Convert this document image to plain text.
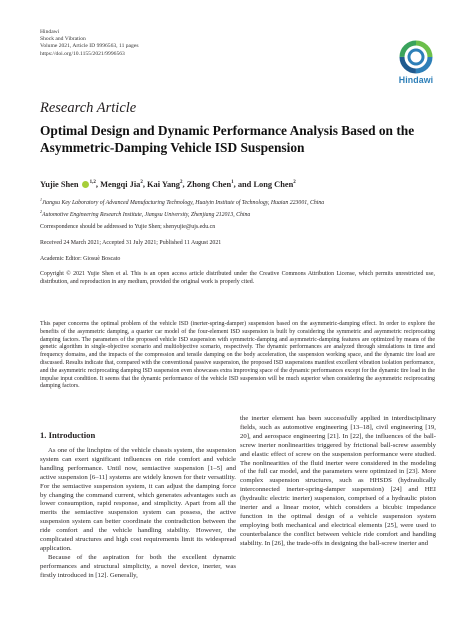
Hindawi
Shock and Vibration
Volume 2021, Article ID 9996563, 11 pages
https://doi.org/10.1155/2021/9996563
Hindawi
Research Article
Optimal Design and Dynamic Performance Analysis Based on the Asymmetric-Damping Vehicle ISD Suspension
Yujie Shen $^{1,2}$, Mengqi Jia$^2$, Kai Yang$^2$, Zhong Chen$^1$, and Long Chen$^2$
$^1$Jiangsu Key Laboratory of Advanced Manufacturing Technology, Huaiyin Institute of Technology, Huaian 223001, China
$^2$Automotive Engineering Research Institute, Jiangsu University, Zhenjiang 212013, China
Correspondence should be addressed to Yujie Shen; shenyujie@ujs.edu.cn
Received 24 March 2021; Accepted 31 July 2021; Published 11 August 2021
Academic Editor: Giosuè Boscato
Copyright © 2021 Yujie Shen et al. This is an open access article distributed under the Creative Commons Attribution License, which permits unrestricted use, distribution, and reproduction in any medium, provided the original work is properly cited.
This paper concerns the optimal problem of the vehicle ISD (inerter-spring-damper) suspension based on the asymmetric-damping effect. In order to explore the benefits of the asymmetric damping, a quarter car model of the four-element ISD suspension is built by considering the symmetric and asymmetric reciprocating damping factors. The parameters of the proposed vehicle ISD suspension with symmetric-damping and asymmetric-damping features are optimized by means of the genetic algorithm in single-objective scenario and multiobjective scenario, respectively. The dynamic performances are analyzed through simulations in time and frequency domains, and the impacts of the compression and tensile damping on the body acceleration, the suspension working space, and the dynamic tire load are discussed. Results indicate that, compared with the conventional passive suspension, the proposed ISD suspensions manifest excellent vibration isolation performance, and the asymmetric reciprocating damping ISD suspension even showcases extra improving space of the dynamic performances except for the dynamic tire load in the impulse input condition. It seems that the dynamic performance of the vehicle ISD suspension will be much superior when considering the asymmetric reciprocating damping factors.
1. Introduction

As one of the linchpins of the vehicle chassis system, the suspension system can exert significant influences on ride comfort and vehicle handling performance. Until now, semiactive suspension [1–5] and active suspension [6–11] systems are widely known for their versatility. For the semiactive suspension system, it can adjust the damping force by changing the command current, which generates advantages such as lower consumption, rapid response, and simplicity. Apart from all the merits the semiactive suspension system can possess, the active suspension system can better coordinate the contradiction between the ride comfort and the vehicle handling stability. However, the complicated structures and high cost requirements limit its widespread application.

Because of the aspiration for both the excellent dynamic performances and structural simplicity, a novel device, inerter, was firstly introduced in [12]. Generally,

the inerter element has been successfully applied in interdisciplinary fields, such as automotive engineering [13–18], civil engineering [19, 20], and aerospace engineering [21]. In [22], the influences of the ball-screw inerter nonlinearities triggered by frictional ball-screw assembly and elastic effect of screw on the suspension performance were studied. The nonlinearities of the fluid inerter were considered in the modeling of the full car model, and the parameters were optimized in [23]. More complex suspension structures, such as HHSDS (hydraulically interconnected inerter-spring-damper suspension) [24] and HEI (hydraulic electric inerter) suspension, comprised of a hydraulic piston inerter and a linear motor, which considers a bicubic impedance function in the optimal design of a vehicle suspension system employing both mechanical and electrical elements [25], were used to counterbalance the conflict between vehicle ride comfort and handling stability. In [26], the trade-offs in designing the ball-screw inerter and
